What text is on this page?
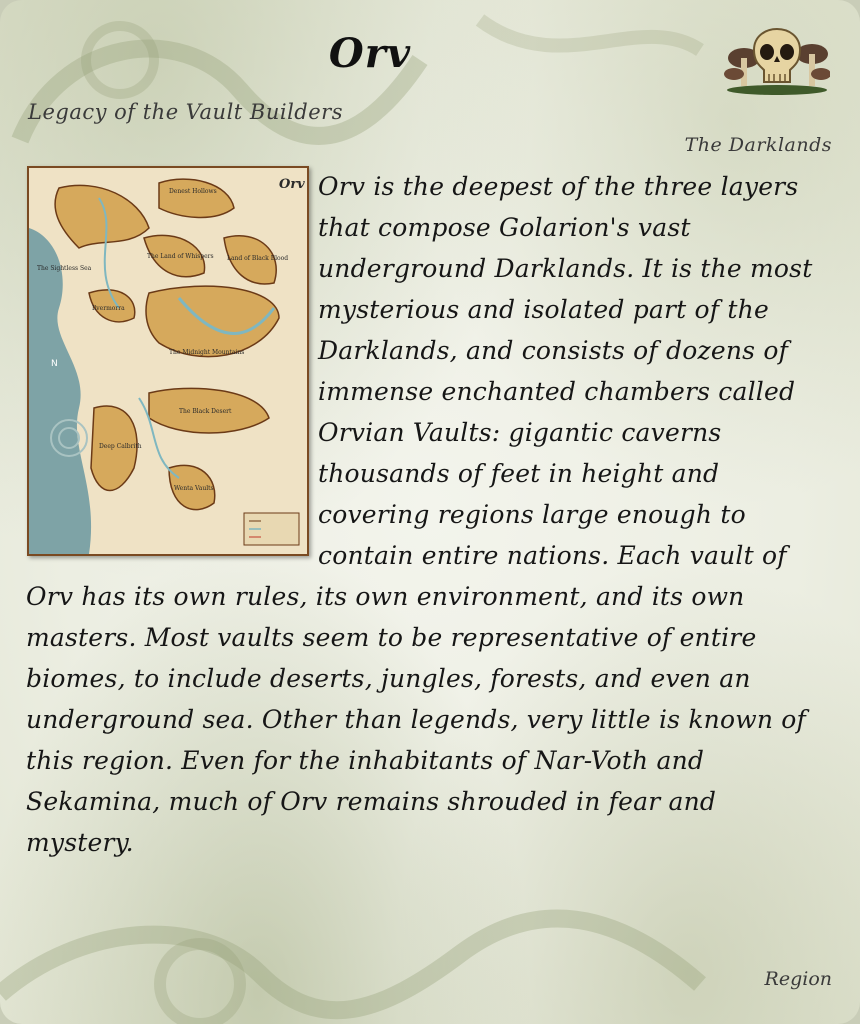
Orv
Legacy of the Vault Builders
The Darklands
Orv
N
The Sightless Sea
Denest Hollows
The Land of Whispers Land of Black Blood
Ilvermorra
The Midnight Mountains
The Black Desert
Deep Calbrith
Wenta Vaults
Orv is the deepest of the three layers that compose Golarion's vast underground Darklands. It is the most mysterious and isolated part of the Darklands, and consists of dozens of immense enchanted chambers called Orvian Vaults: gigantic caverns thousands of feet in height and covering regions large enough to contain entire nations. Each vault of Orv has its own rules, its own environment, and its own masters. Most vaults seem to be representative of entire biomes, to include deserts, jungles, forests, and even an underground sea. Other than legends, very little is known of this region. Even for the inhabitants of Nar-Voth and Sekamina, much of Orv remains shrouded in fear and mystery.
Region
